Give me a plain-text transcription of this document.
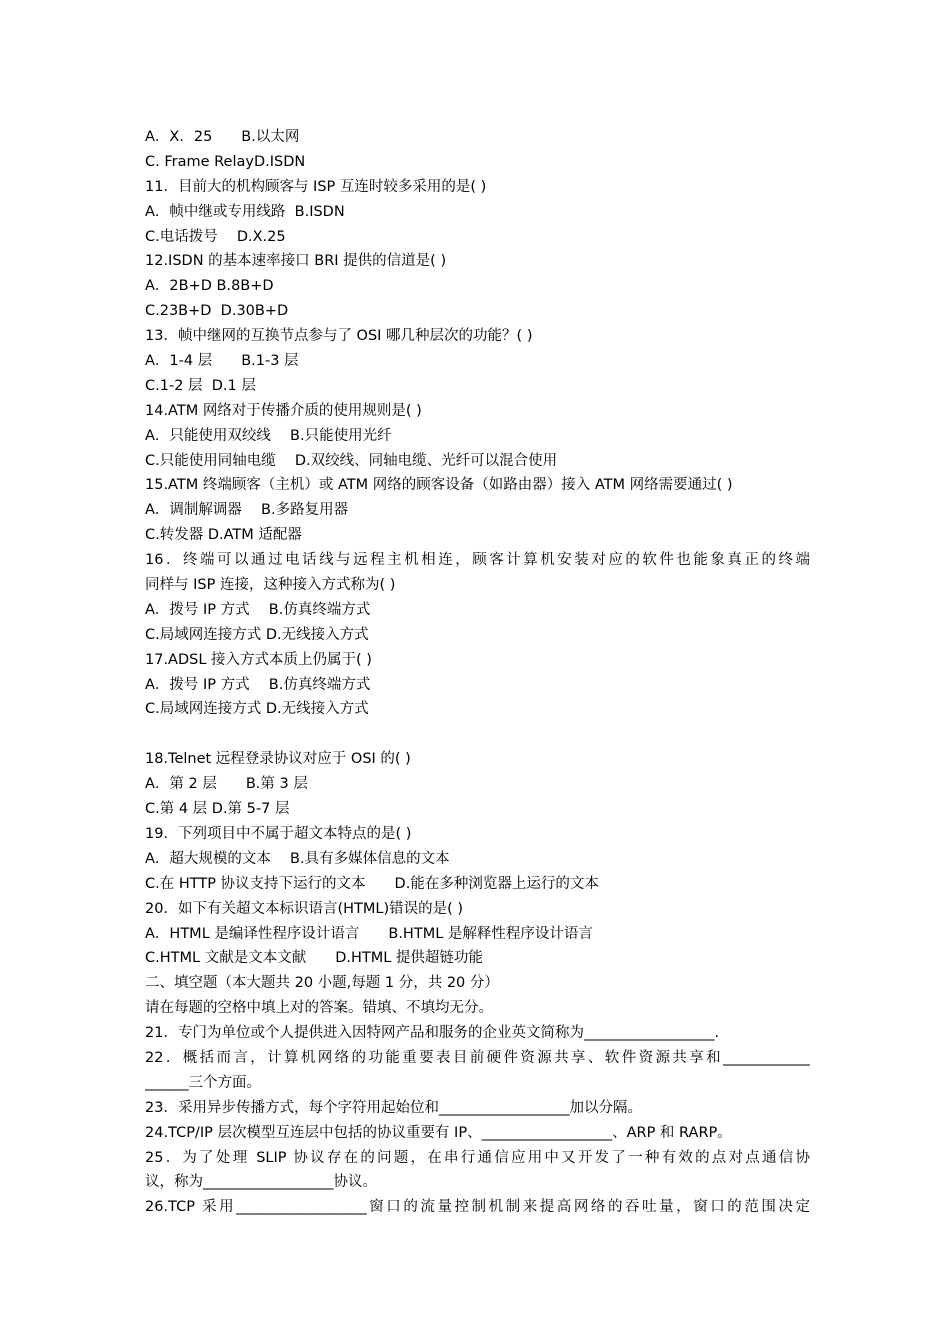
A．X．25　　B.以太网
C. Frame RelayD.ISDN
11．目前大的机构顾客与 ISP 互连时较多采用的是( )
A．帧中继或专用线路  B.ISDN
C.电话拨号　 D.X.25
12.ISDN 的基本速率接口 BRI 提供的信道是( )
A．2B+D B.8B+D
C.23B+D  D.30B+D
13．帧中继网的互换节点参与了 OSI 哪几种层次的功能？( )
A．1-4 层　　B.1-3 层
C.1-2 层  D.1 层
14.ATM 网络对于传播介质的使用规则是( )
A．只能使用双绞线　 B.只能使用光纤
C.只能使用同轴电缆　 D.双绞线、同轴电缆、光纤可以混合使用
15.ATM 终端顾客（主机）或 ATM 网络的顾客设备（如路由器）接入 ATM 网络需要通过( )
A．调制解调器　 B.多路复用器
C.转发器 D.ATM 适配器
16．终端可以通过电话线与远程主机相连，顾客计算机安装对应的软件也能象真正的终端
同样与 ISP 连接，这种接入方式称为( )
A．拨号 IP 方式　 B.仿真终端方式
C.局域网连接方式 D.无线接入方式
17.ADSL 接入方式本质上仍属于( )
A．拨号 IP 方式　 B.仿真终端方式
C.局域网连接方式 D.无线接入方式
18.Telnet 远程登录协议对应于 OSI 的( )
A．第 2 层　　B.第 3 层
C.第 4 层 D.第 5-7 层
19．下列项目中不属于超文本特点的是( )
A．超大规模的文本　 B.具有多媒体信息的文本
C.在 HTTP 协议支持下运行的文本　　D.能在多种浏览器上运行的文本
20．如下有关超文本标识语言(HTML)错误的是( )
A．HTML 是编译性程序设计语言　　B.HTML 是解释性程序设计语言
C.HTML 文献是文本文献　　D.HTML 提供超链功能
二、填空题（本大题共 20 小题,每题 1 分，共 20 分）
请在每题的空格中填上对的答案。错填、不填均无分。
21．专门为单位或个人提供进入因特网产品和服务的企业英文简称为__________________.
22．概括而言，计算机网络的功能重要表目前硬件资源共享、软件资源共享和____________
______三个方面。
23．采用异步传播方式，每个字符用起始位和__________________加以分隔。
24.TCP/IP 层次模型互连层中包括的协议重要有 IP、__________________、ARP 和 RARP。
25．为了处理 SLIP 协议存在的问题，在串行通信应用中又开发了一种有效的点对点通信协
议，称为__________________协议。
26.TCP 采用__________________窗口的流量控制机制来提高网络的吞吐量，窗口的范围决定
